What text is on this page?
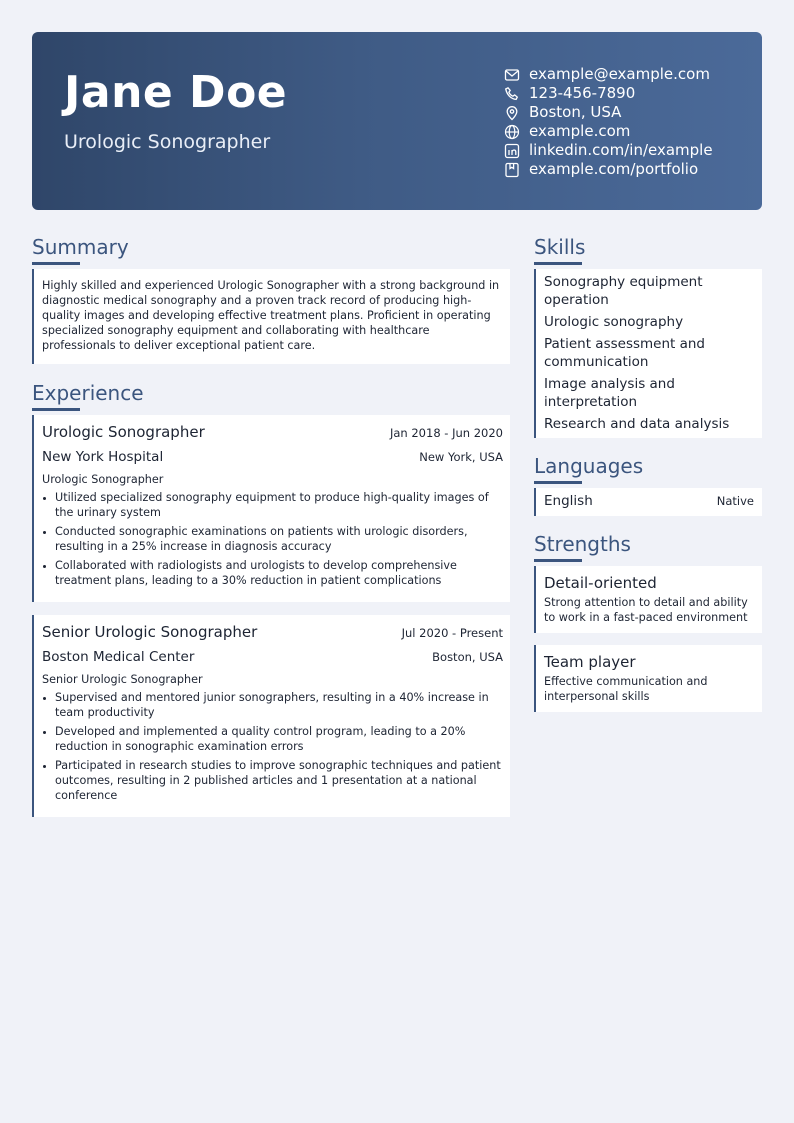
Jane Doe
Urologic Sonographer
example@example.com
123-456-7890
Boston, USA
example.com
linkedin.com/in/example
example.com/portfolio
Summary
Highly skilled and experienced Urologic Sonographer with a strong background in diagnostic medical sonography and a proven track record of producing high-quality images and developing effective treatment plans. Proficient in operating specialized sonography equipment and collaborating with healthcare professionals to deliver exceptional patient care.
Experience
Urologic Sonographer	Jan 2018 - Jun 2020
New York Hospital	New York, USA
Urologic Sonographer
Utilized specialized sonography equipment to produce high-quality images of the urinary system
Conducted sonographic examinations on patients with urologic disorders, resulting in a 25% increase in diagnosis accuracy
Collaborated with radiologists and urologists to develop comprehensive treatment plans, leading to a 30% reduction in patient complications
Senior Urologic Sonographer	Jul 2020 - Present
Boston Medical Center	Boston, USA
Senior Urologic Sonographer
Supervised and mentored junior sonographers, resulting in a 40% increase in team productivity
Developed and implemented a quality control program, leading to a 20% reduction in sonographic examination errors
Participated in research studies to improve sonographic techniques and patient outcomes, resulting in 2 published articles and 1 presentation at a national conference
Skills
Sonography equipment operation
Urologic sonography
Patient assessment and communication
Image analysis and interpretation
Research and data analysis
Languages
English	Native
Strengths
Detail-oriented
Strong attention to detail and ability to work in a fast-paced environment
Team player
Effective communication and interpersonal skills
